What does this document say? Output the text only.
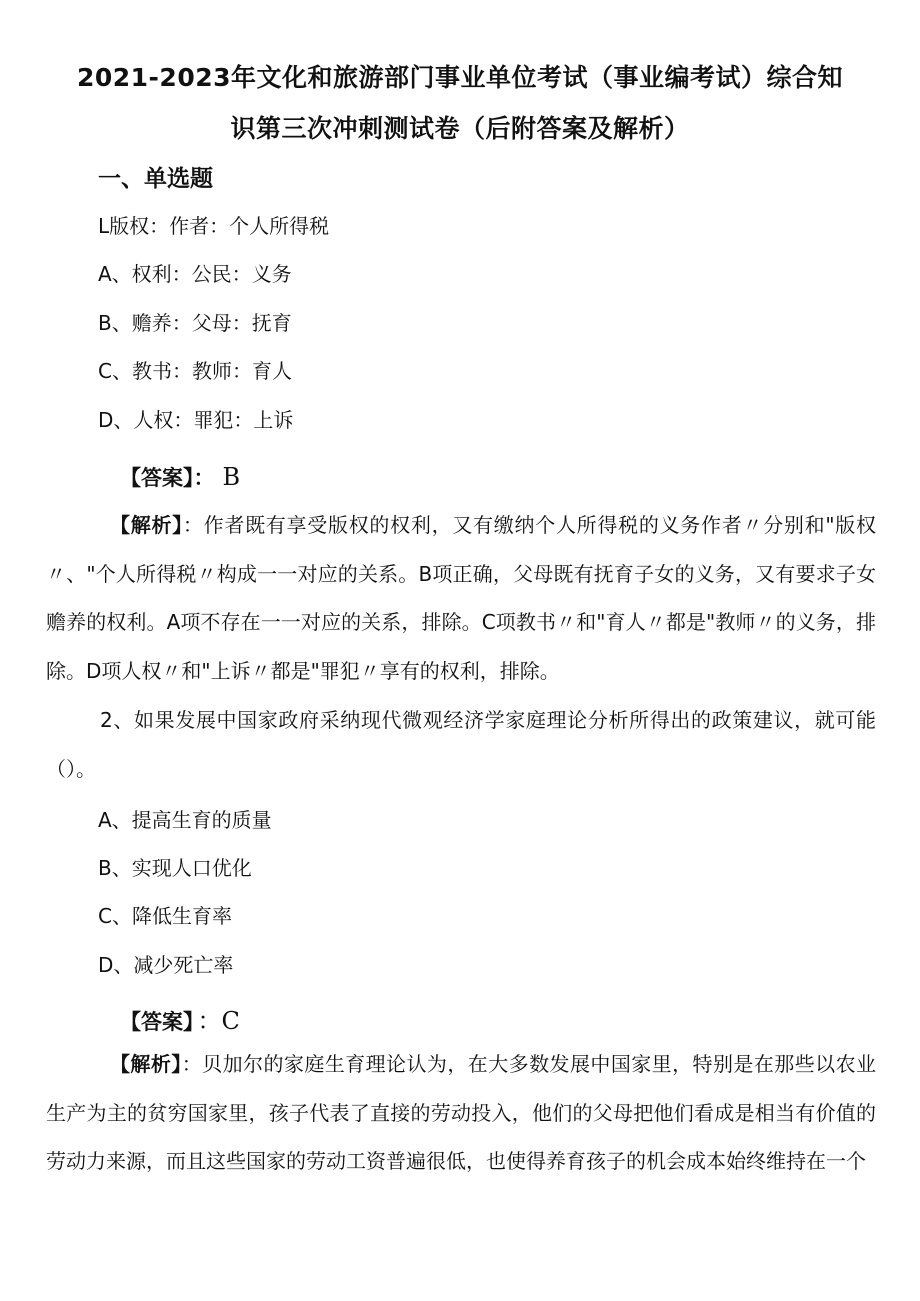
2021-2023年文化和旅游部门事业单位考试（事业编考试）综合知
识第三次冲刺测试卷（后附答案及解析）
一、单选题
L版权：作者：个人所得税
A、权利：公民：义务
B、赡养：父母：抚育
C、教书：教师：育人
D、人权：罪犯：上诉
【答案】： B
【解析】：作者既有享受版权的权利，又有缴纳个人所得税的义务作者〃分别和"版权〃、"个人所得税〃构成一一对应的关系。B项正确，父母既有抚育子女的义务，又有要求子女赡养的权利。A项不存在一一对应的关系，排除。C项教书〃和"育人〃都是"教师〃的义务，排除。D项人权〃和"上诉〃都是"罪犯〃享有的权利，排除。
2、如果发展中国家政府采纳现代微观经济学家庭理论分析所得出的政策建议，就可能（）。
A、提高生育的质量
B、实现人口优化
C、降低生育率
D、减少死亡率
【答案】 ：C
【解析】：贝加尔的家庭生育理论认为，在大多数发展中国家里，特别是在那些以农业生产为主的贫穷国家里，孩子代表了直接的劳动投入，他们的父母把他们看成是相当有价值的劳动力来源，而且这些国家的劳动工资普遍很低，也使得养育孩子的机会成本始终维持在一个
